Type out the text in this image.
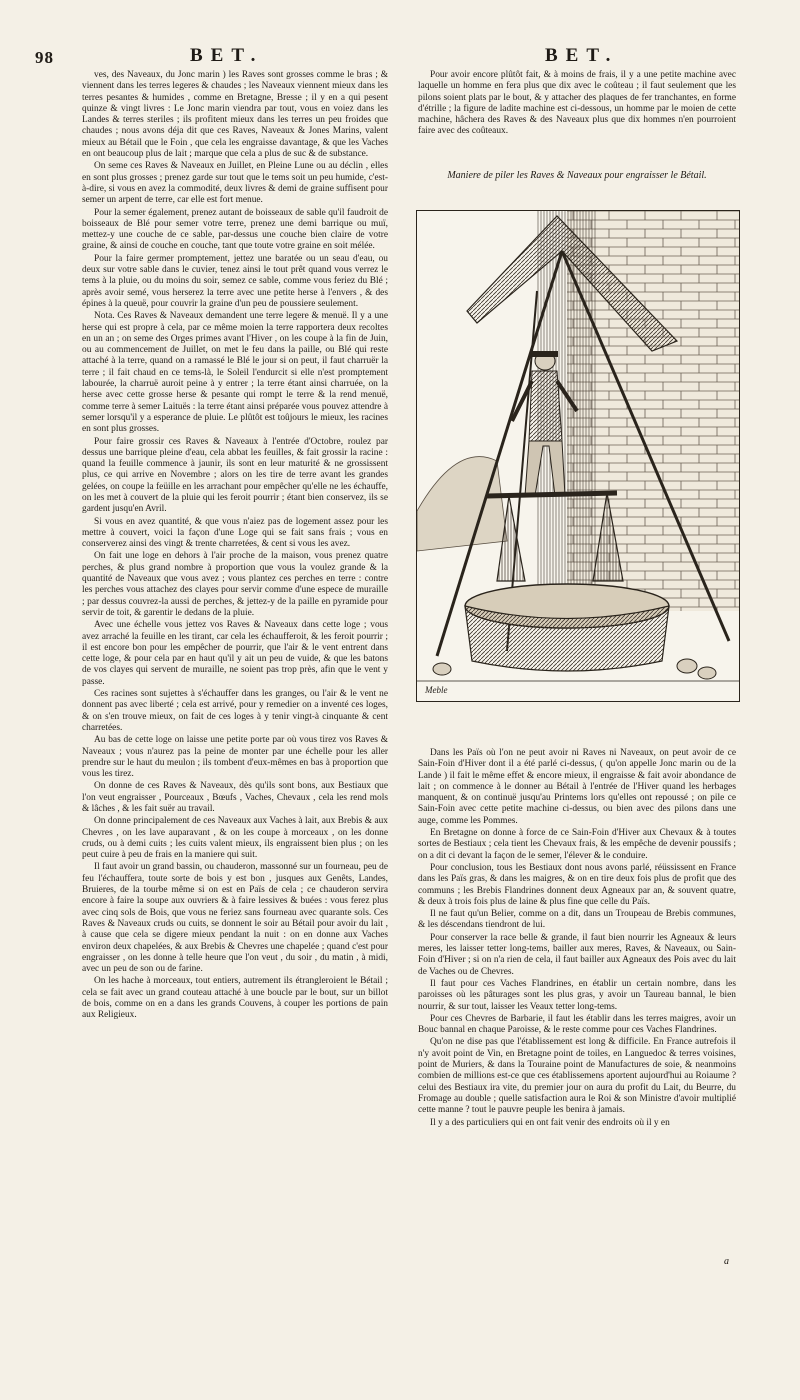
98	BET.	BET.

ves, des Naveaux, du Jonc marin ) les Raves sont grosses comme le bras ; & viennent dans les terres legeres & chaudes ; les Naveaux viennent mieux dans les terres pesantes & humides , comme en Bretagne, Bresse ; il y en a qui pesent quinze & vingt livres : Le Jonc marin viendra par tout, vous en voiez dans les Landes & terres steriles ; ils profitent mieux dans les terres un peu froides que chaudes ; nous avons déja dit que ces Raves, Naveaux & Jones Marins, valent mieux au Bétail que le Foin , que cela les engraisse davantage, & que les Vaches en ont beaucoup plus de lait ; marque que cela a plus de suc & de substance.

On seme ces Raves & Naveaux en Juillet, en Pleine Lune ou au déclin , elles en sont plus grosses ; prenez garde sur tout que le tems soit un peu humide, c'est-à-dire, si vous en avez la commodité, deux livres & demi de graine suffisent pour semer un arpent de terre, car elle est fort menue.

Pour la semer également, prenez autant de boisseaux de sable qu'il faudroit de boisseaux de Blé pour semer votre terre, prenez une demi barrique ou muï, mettez-y une couche de ce sable, par-dessus une couche bien claire de votre graine, & ainsi de couche en couche, tant que toute votre graine en soit mélée.

Pour la faire germer promptement, jettez une baratée ou un seau d'eau, ou deux sur votre sable dans le cuvier, tenez ainsi le tout prêt quand vous verrez le tems à la pluie, ou du moins du soir, semez ce sable, comme vous feriez du Blé ; après avoir semé, vous herserez la terre avec une petite herse à l'envers , & des épines à la queuë, pour couvrir la graine d'un peu de poussiere seulement.

Nota. Ces Raves & Naveaux demandent une terre legere & menuë. Il y a une herse qui est propre à cela, par ce même moien la terre rapportera deux recoltes en un an ; on seme des Orges primes avant l'Hiver , on les coupe à la fin de Juin, ou au commencement de Juillet, on met le feu dans la paille, ou Blé qui reste attaché à la terre, quand on a ramassé le Blé le jour si on peut, il faut charruër la terre ; il fait chaud en ce tems-là, le Soleil l'endurcit si elle n'est promptement labourée, la charruë auroit peine à y entrer ; la terre étant ainsi charruée, on la herse avec cette grosse herse & pesante qui rompt le terre & la rend menuë, comme terre à semer Laituës : la terre étant ainsi préparée vous pouvez attendre à semer lorsqu'il y a esperance de pluie. Le plûtôt est toûjours le mieux, les racines en sont plus grosses.

Pour faire grossir ces Raves & Naveaux à l'entrée d'Octobre, roulez par dessus une barrique pleine d'eau, cela abbat les feuilles, & fait grossir la racine : quand la feuille commence à jaunir, ils sont en leur maturité & ne grossissent plus, ce qui arrive en Novembre ; alors on les tire de terre avant les grandes gelées, on coupe la feüille en les arrachant pour empêcher qu'elle ne les échauffe, on les met à couvert de la pluie qui les feroit pourrir ; étant bien conservez, ils se gardent jusqu'en Avril.

Si vous en avez quantité, & que vous n'aiez pas de logement assez pour les mettre à couvert, voici la façon d'une Loge qui se fait sans frais ; vous en conserverez ainsi des vingt & trente charretées, & cent si vous les avez.

On fait une loge en dehors à l'air proche de la maison, vous prenez quatre perches, & plus grand nombre à proportion que vous la voulez grande & la quantité de Naveaux que vous avez ; vous plantez ces perches en terre : contre les perches vous attachez des clayes pour servir comme d'une espece de muraille ; par dessus couvrez-la aussi de perches, & jettez-y de la paille en pyramide pour servir de toit, & garentir le dedans de la pluie.

Avec une échelle vous jettez vos Raves & Naveaux dans cette loge ; vous avez arraché la feuille en les tirant, car cela les échaufferoit, & les feroit pourrir ; il est encore bon pour les empêcher de pourrir, que l'air & le vent entrent dans cette loge, & pour cela par en haut qu'il y ait un peu de vuide, & que les batons de vos clayes qui servent de muraille, ne soient pas trop près, afin que le vent y passe.

Ces racines sont sujettes à s'échauffer dans les granges, ou l'air & le vent ne donnent pas avec liberté ; cela est arrivé, pour y remedier on a inventé ces loges, & on s'en trouve mieux, on fait de ces loges à y tenir vingt-à cinquante & cent charretées.

Au bas de cette loge on laisse une petite porte par où vous tirez vos Raves & Naveaux ; vous n'aurez pas la peine de monter par une échelle pour les aller prendre sur le haut du meulon ; ils tombent d'eux-mêmes en bas à proportion que vous les tirez.

On donne de ces Raves & Naveaux, dès qu'ils sont bons, aux Bestiaux que l'on veut engraisser , Pourceaux , Bœufs , Vaches, Chevaux , cela les rend mols & lâches , & les fait suër au travail.

On donne principalement de ces Naveaux aux Vaches à lait, aux Brebis & aux Chevres , on les lave auparavant , & on les coupe à morceaux , on les donne cruds, ou à demi cuits ; les cuits valent mieux, ils engraissent bien plus ; on les peut cuire à peu de frais en la maniere qui suit.

Il faut avoir un grand bassin, ou chauderon, massonné sur un fourneau, peu de feu l'échauffera, toute sorte de bois y est bon , jusques aux Genêts, Landes, Bruieres, de la tourbe même si on est en Païs de cela ; ce chauderon servira encore à faire la soupe aux ouvriers & à faire lessives & buées : vous ferez plus avec cinq sols de Bois, que vous ne feriez sans fourneau avec quarante sols. Ces Raves & Naveaux cruds ou cuits, se donnent le soir au Bétail pour avoir du lait , à cause que cela se digere mieux pendant la nuit : on en donne aux Vaches environ deux chapelées, & aux Brebis & Chevres une chapelée ; quand c'est pour engraisser , on les donne à telle heure que l'on veut , du soir , du matin , à midi, avec un peu de son ou de farine.

On les hache à morceaux, tout entiers, autrement ils étrangleroient le Bétail ; cela se fait avec un grand couteau attaché à une boucle par le bout, sur un billot de bois, comme on en a dans les grands Couvens, à couper les portions de pain aux Religieux.

Pour avoir encore plûtôt fait, & à moins de frais, il y a une petite machine avec laquelle un homme en fera plus que dix avec le coûteau ; il faut seulement que les pilons soient plats par le bout, & y attacher des plaques de fer tranchantes, en forme d'étrille ; la figure de ladite machine est ci-dessous, un homme par le moien de cette machine, hâchera des Raves & des Naveaux plus que dix hommes n'en pourroient faire avec des coûteaux.

Maniere de piler les Raves & Naveaux pour engraisser le Bétail.
Meble

Dans les Païs où l'on ne peut avoir ni Raves ni Naveaux, on peut avoir de ce Sain-Foin d'Hiver dont il a été parlé ci-dessus, ( qu'on appelle Jonc marin ou de la Lande ) il fait le même effet & encore mieux, il engraisse & fait avoir abondance de lait ; on commence à le donner au Bétail à l'entrée de l'Hiver quand les herbages manquent, & on continuë jusqu'au Printems lors qu'elles ont repoussé ; on pile ce Sain-Foin avec cette petite machine ci-dessus, ou bien avec des pilons dans une auge, comme les Pommes.

En Bretagne on donne à force de ce Sain-Foin d'Hiver aux Chevaux & à toutes sortes de Bestiaux ; cela tient les Chevaux frais, & les empêche de devenir poussifs ; on a dit ci devant la façon de le semer, l'élever & le conduire.

Pour conclusion, tous les Bestiaux dont nous avons parlé, réüssissent en France dans les Païs gras, & dans les maigres, & on en tire deux fois plus de profit que des communs ; les Brebis Flandrines donnent deux Agneaux par an, & souvent quatre, & deux à trois fois plus de laine & plus fine que celle du Païs.

Il ne faut qu'un Belier, comme on a dit, dans un Troupeau de Brebis communes, & les déscendans tiendront de lui.

Pour conserver la race belle & grande, il faut bien nourrir les Agneaux & leurs meres, les laisser tetter long-tems, bailler aux meres, Raves, & Naveaux, ou Sain-Foin d'Hiver ; si on n'a rien de cela, il faut bailler aux Agneaux des Pois avec du lait de Vaches ou de Chevres.

Il faut pour ces Vaches Flandrines, en établir un certain nombre, dans les paroisses où les pâturages sont les plus gras, y avoir un Taureau bannal, le bien nourrir, & sur tout, laisser les Veaux tetter long-tems.

Pour ces Chevres de Barbarie, il faut les établir dans les terres maigres, avoir un Bouc bannal en chaque Paroisse, & le reste comme pour ces Vaches Flandrines.

Qu'on ne dise pas que l'établissement est long & difficile. En France autrefois il n'y avoit point de Vin, en Bretagne point de toiles, en Languedoc & terres voisines, point de Muriers, & dans la Touraine point de Manufactures de soie, & neanmoins combien de millions est-ce que ces établissemens aportent aujourd'hui au Roiaume ? celui des Bestiaux ira vite, du premier jour on aura du profit du Lait, du Beurre, du Fromage au double ; quelle satisfaction aura le Roi & son Ministre d'avoir multiplié cette manne ? tout le pauvre peuple les benira à jamais.

Il y a des particuliers qui en ont fait venir des endroits où il y en

a
